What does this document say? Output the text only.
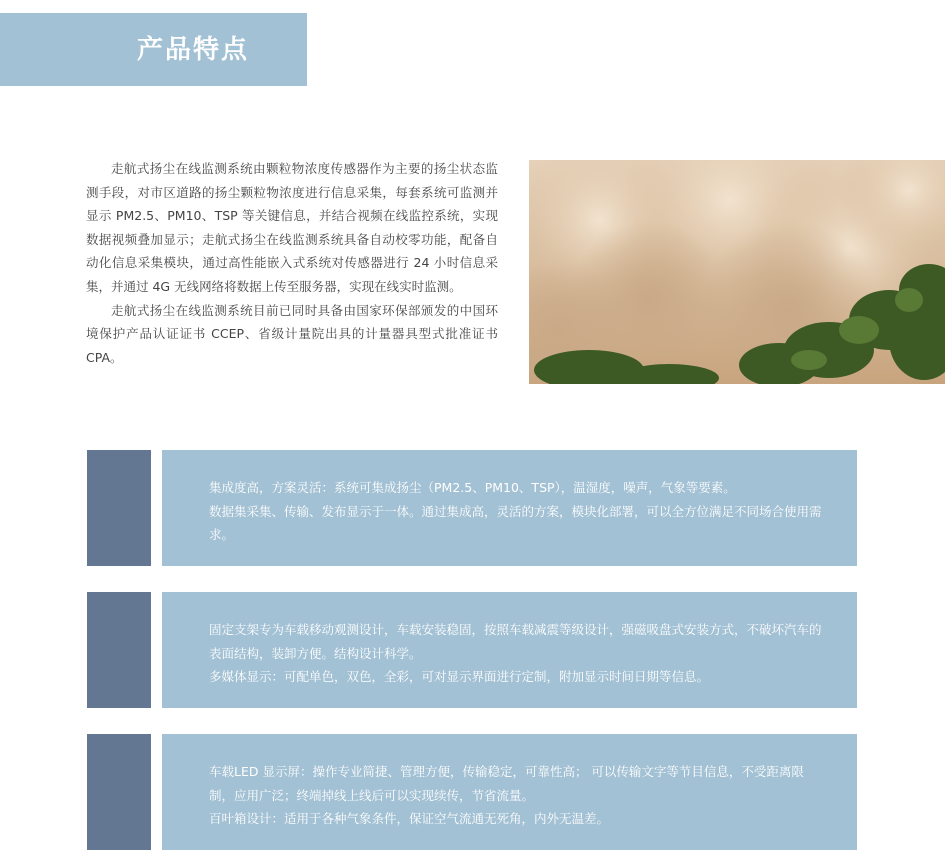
产品特点

走航式扬尘在线监测系统由颗粒物浓度传感器作为主要的扬尘状态监测手段，对市区道路的扬尘颗粒物浓度进行信息采集，每套系统可监测并显示 PM2.5、PM10、TSP 等关键信息，并结合视频在线监控系统，实现数据视频叠加显示；走航式扬尘在线监测系统具备自动校零功能，配备自动化信息采集模块，通过高性能嵌入式系统对传感器进行 24 小时信息采集，并通过 4G 无线网络将数据上传至服务器，实现在线实时监测。

走航式扬尘在线监测系统目前已同时具备由国家环保部颁发的中国环境保护产品认证证书 CCEP、省级计量院出具的计量器具型式批准证书 CPA。

集成度高，方案灵活：系统可集成扬尘（PM2.5、PM10、TSP），温湿度，噪声，气象等要素。

数据集采集、传输、发布显示于一体。通过集成高，灵活的方案，模块化部署，可以全方位满足不同场合使用需求。

固定支架专为车载移动观测设计，车载安装稳固，按照车载减震等级设计，强磁吸盘式安装方式，不破坏汽车的表面结构，装卸方便。结构设计科学。

多媒体显示：可配单色，双色，全彩，可对显示界面进行定制，附加显示时间日期等信息。

车载LED 显示屏：操作专业简捷、管理方便，传输稳定，可靠性高； 可以传输文字等节目信息，不受距离限制，应用广泛；终端掉线上线后可以实现续传，节省流量。

百叶箱设计：适用于各种气象条件，保证空气流通无死角，内外无温差。
